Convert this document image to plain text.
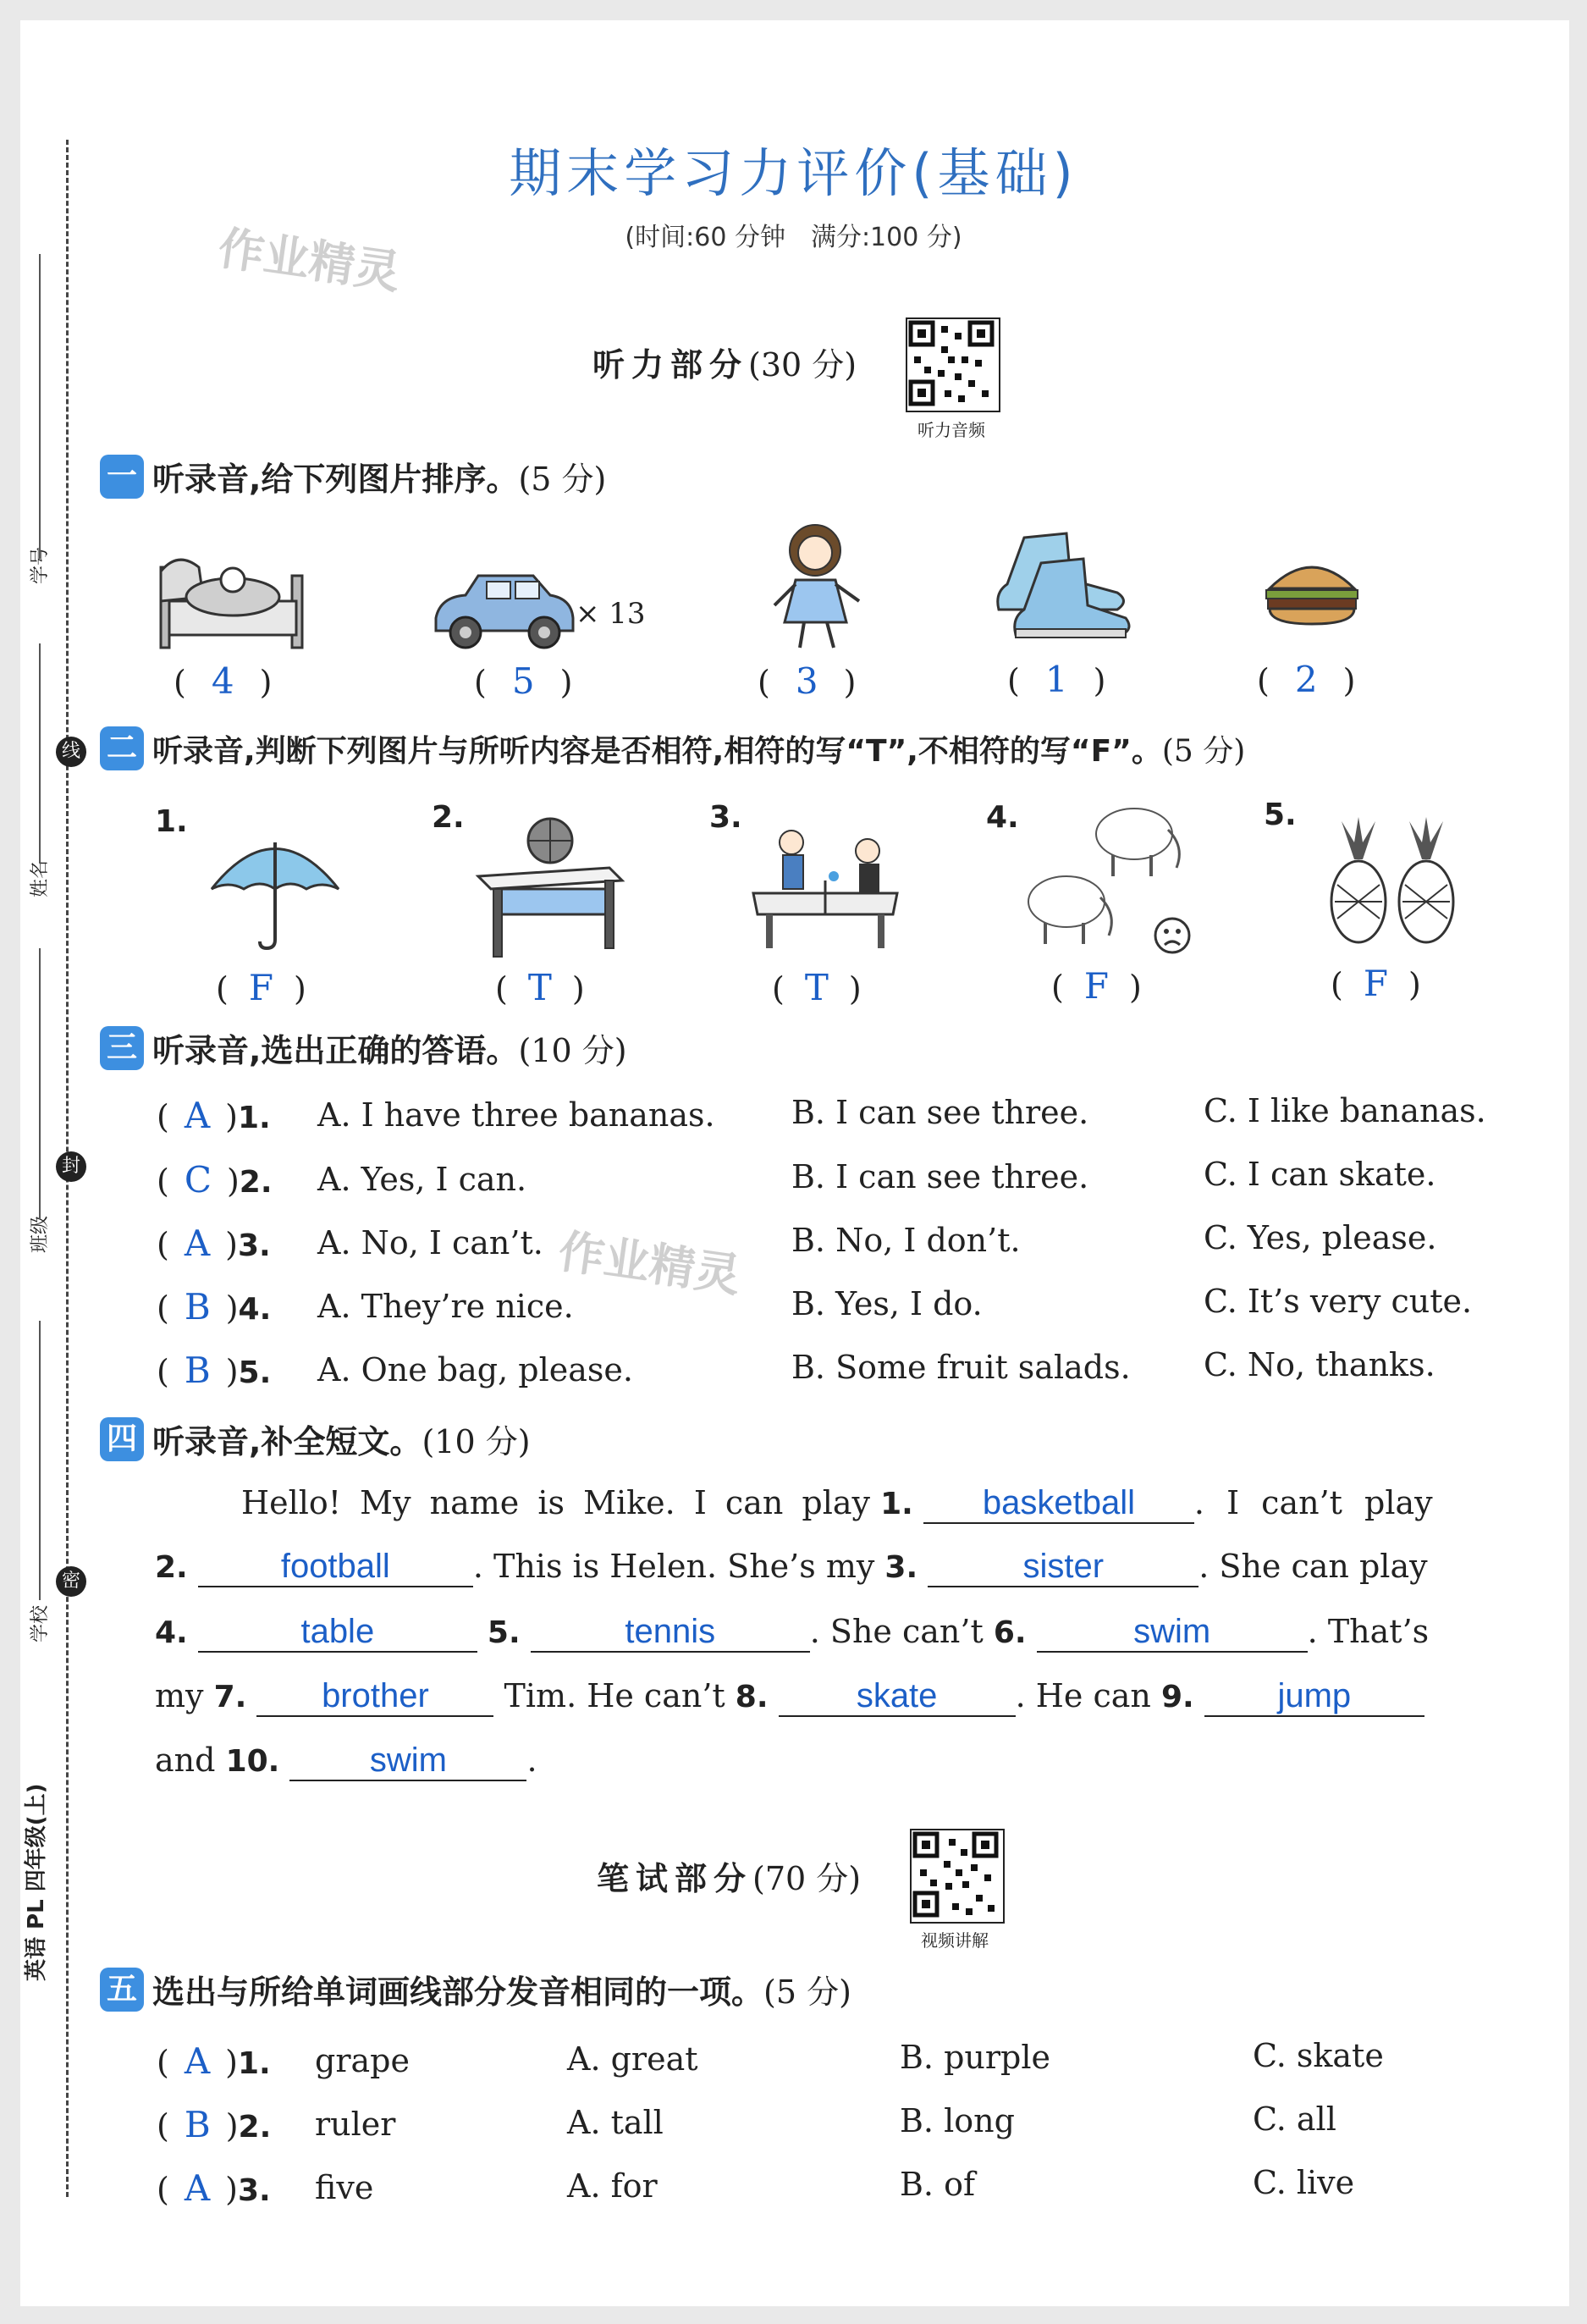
学号
线
姓名
封
班级
密
学校
英语 PL 四年级(上)
期末学习力评价(基础)
(时间:60 分钟　满分:100 分)
作业精灵
作业精灵
听力部分(30 分)
听力音频
一 听录音,给下列图片排序。 (5 分)
× 13
( 4 )	( 5 )	( 3 )	( 1 )	( 2 )
二 听录音,判断下列图片与所听内容是否相符,相符的写“T”,不相符的写“F”。 (5 分)
1.	2.	3.	4.	5.
( F )	( T )	( T )	( F )	( F )
三 听录音,选出正确的答语。 (10 分)
( A )1. A. I have three bananas. B. I can see three.	C. I like bananas.
( C )2. A. Yes, I can.	B. I can see three.	C. I can skate.
( A )3. A. No, I can’t.	B. No, I don’t.	C. Yes, please.
( B )4. A. They’re nice.	B. Yes, I do.	C. It’s very cute.
( B )5. A. One bag, please.	B. Some fruit salads. C. No, thanks.
四 听录音,补全短文。 (10 分)
Hello! My name is Mike. I can play 1. basketball . I can’t play
2.	football	. This is Helen. She’s my 3.	sister	. She can play
4.	table	5.	tennis	. She can’t 6.	swim	. That’s
my 7. brother Tim. He can’t 8.	skate . He can 9. jump
and 10.	swim .
笔试部分(70 分)
视频讲解
五 选出与所给单词画线部分发音相同的一项。 (5 分)
( A )1. grape	A. great	B. purple	C. skate
( B )2. ruler	A. tall	B. long	C. all
( A )3. five	A. for	B. of	C. live
